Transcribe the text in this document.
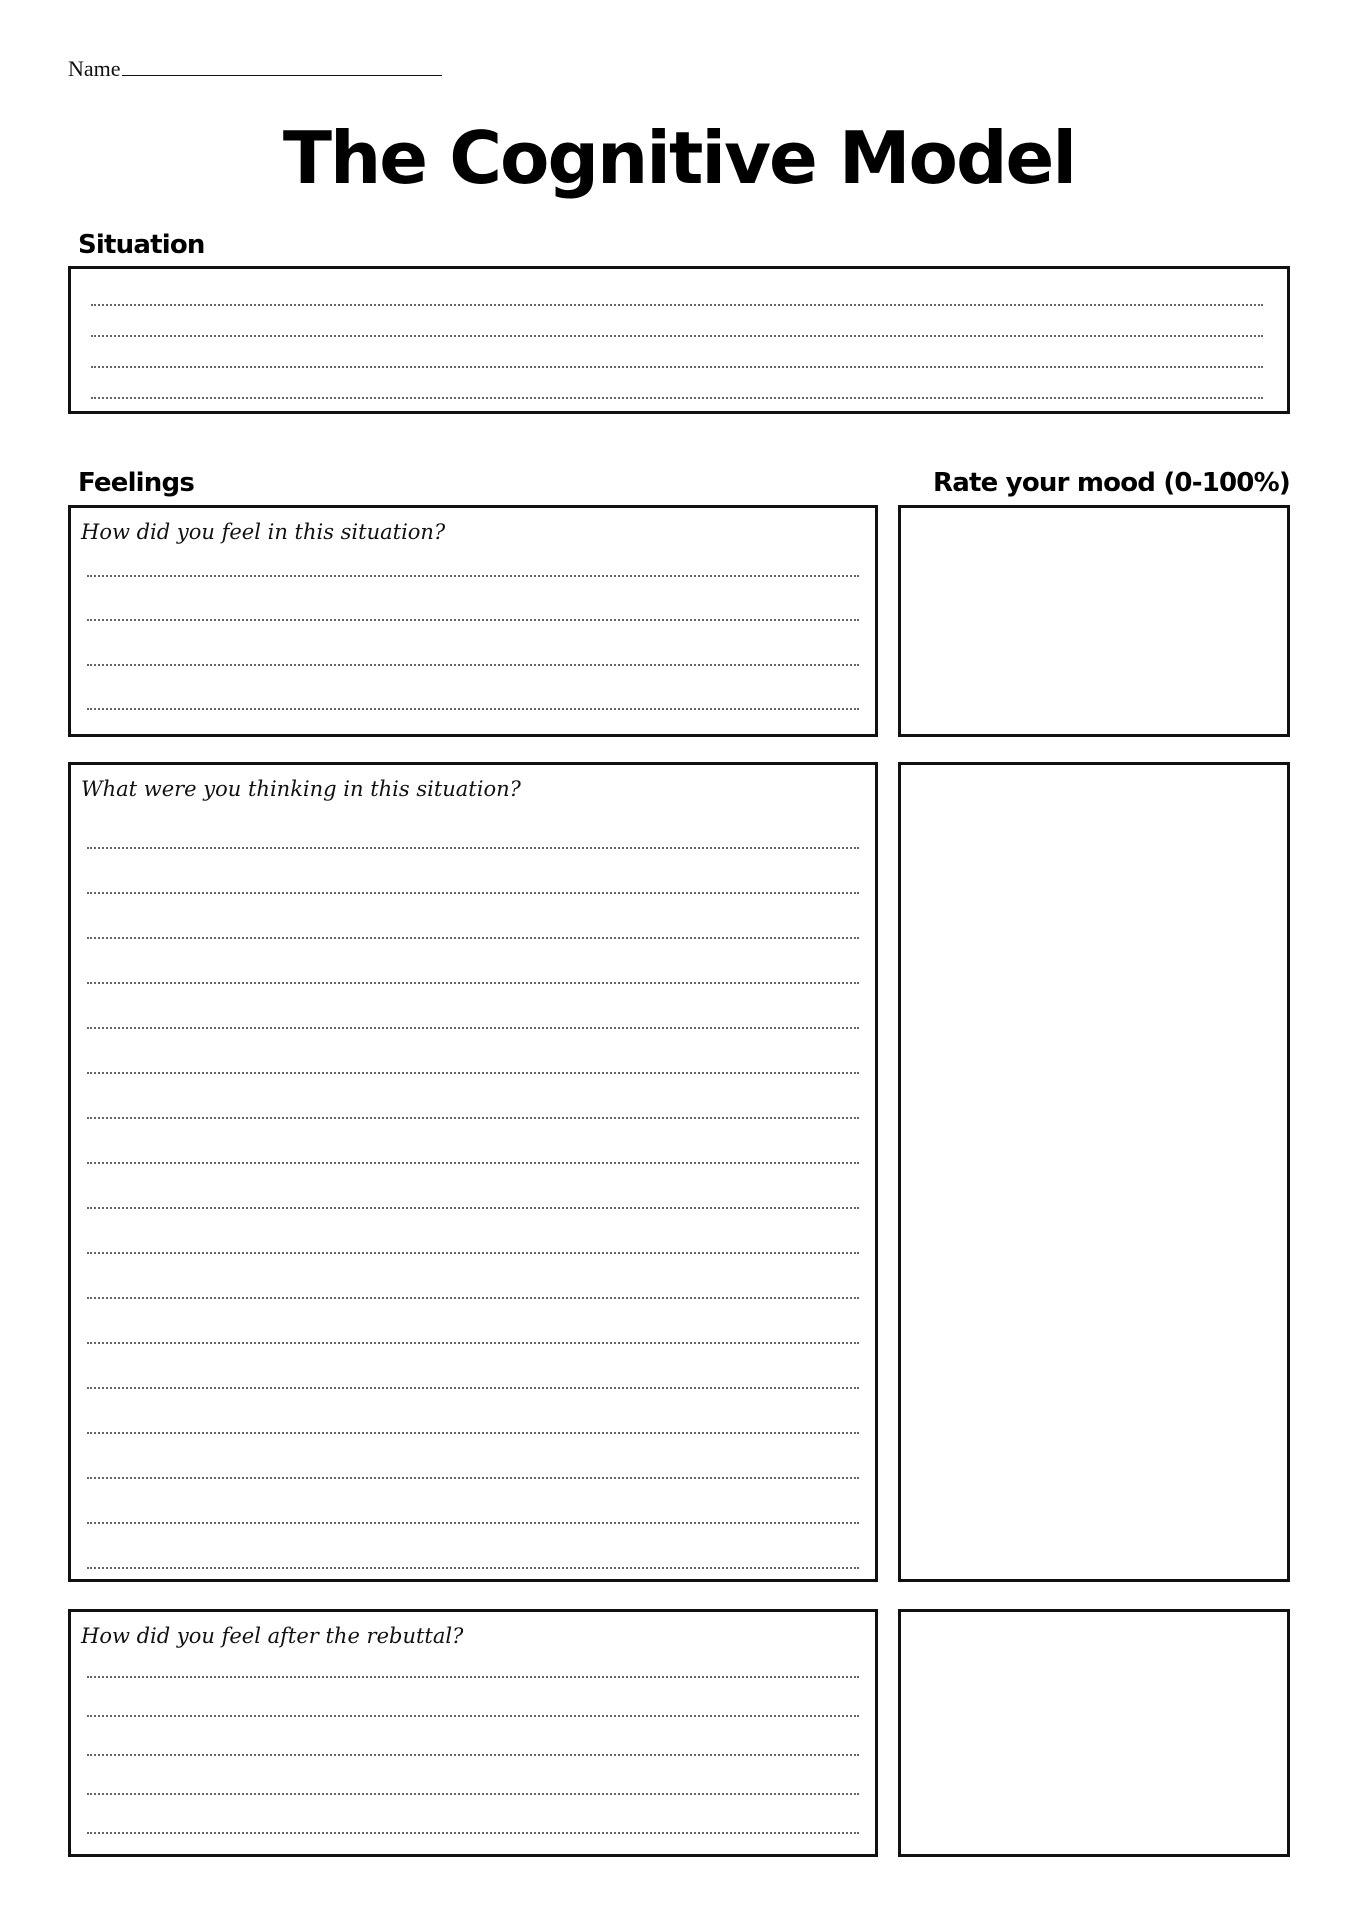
Name
The Cognitive Model
Situation
Feelings	Rate your mood (0-100%)

How did you feel in this situation?

What were you thinking in this situation?

How did you feel after the rebuttal?
